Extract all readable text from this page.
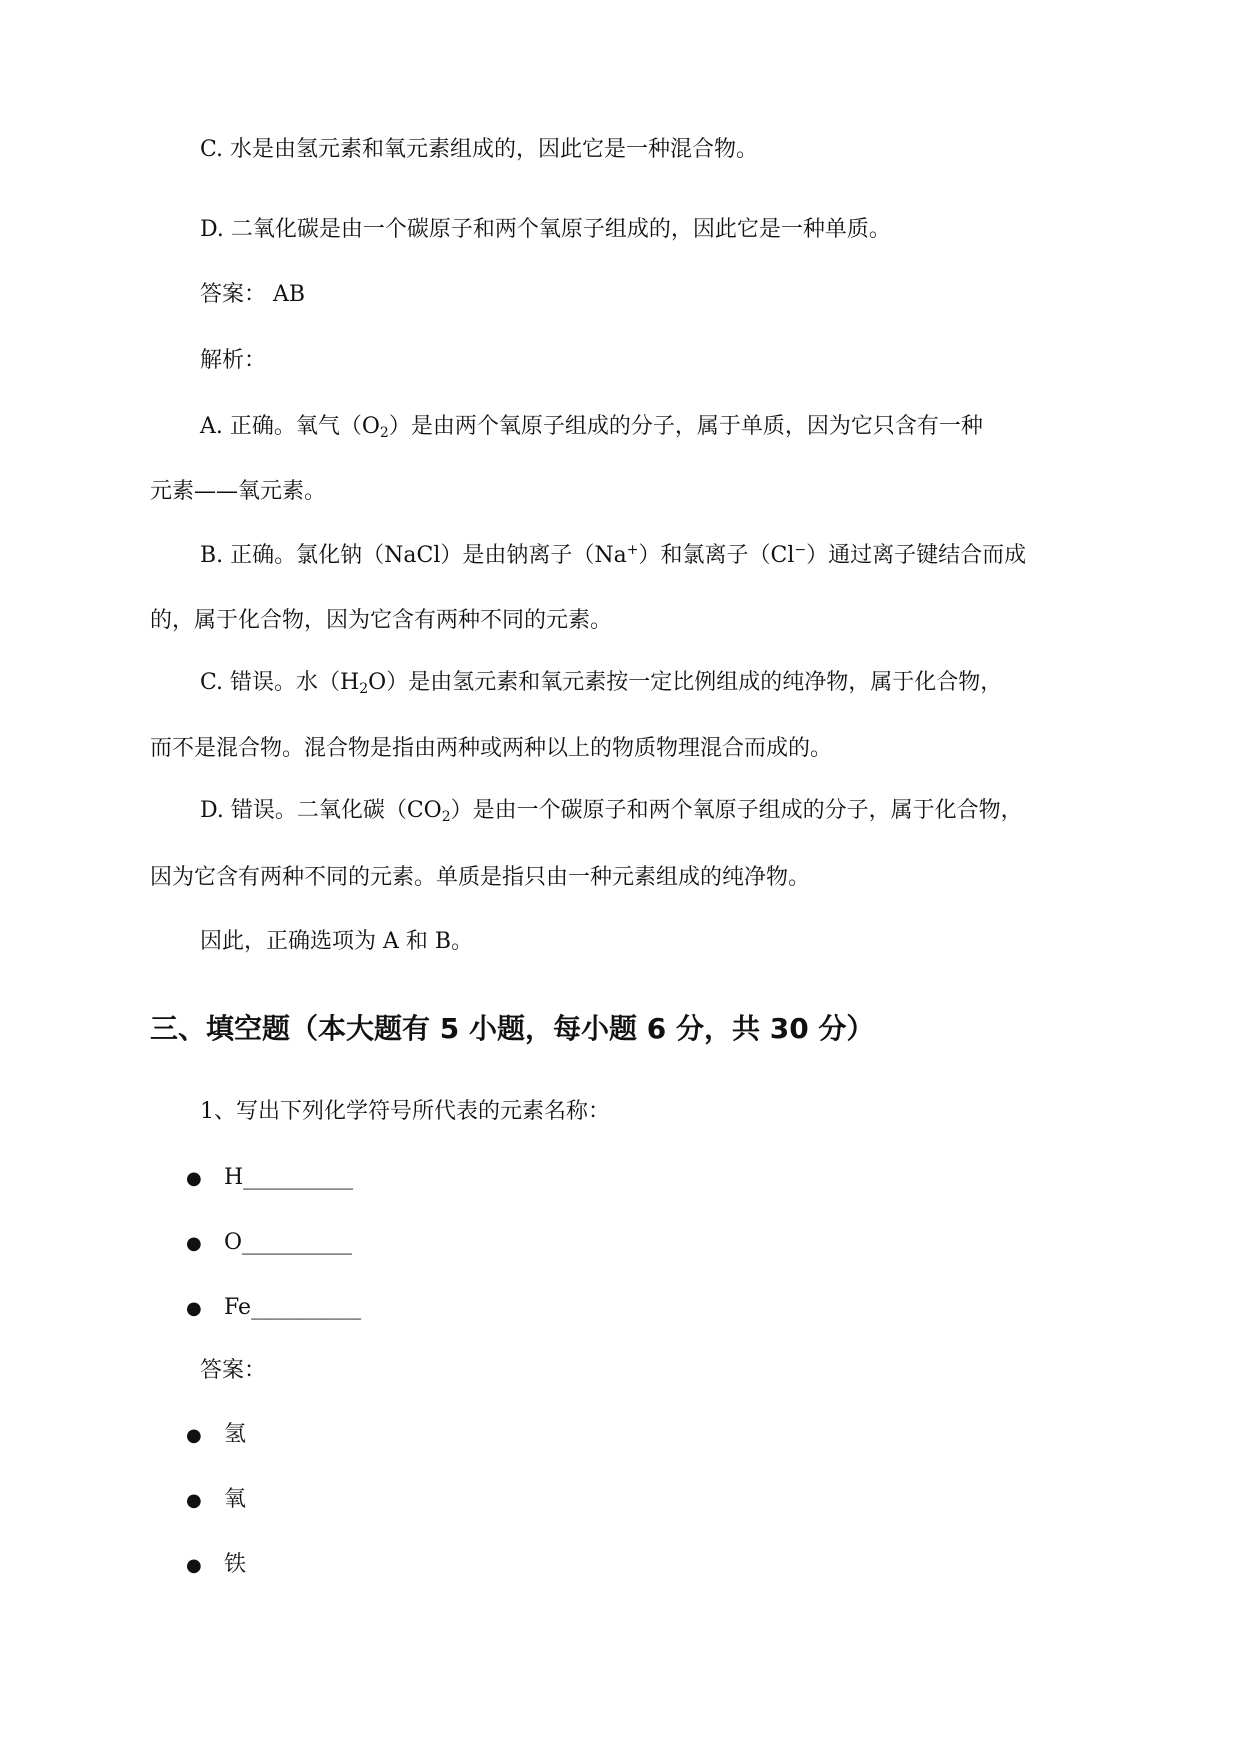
C. 水是由氢元素和氧元素组成的，因此它是一种混合物。
D. 二氧化碳是由一个碳原子和两个氧原子组成的，因此它是一种单质。
答案： AB
解析：
A. 正确。氧气$(O_2)$是由两个氧原子组成的分子，属于单质，因为它只含有一种
元素——氧元素。
B. 正确。氯化钠（NaCl）是由钠离子（Na+）和氯离子（Cl−）通过离子键结合而成
的，属于化合物，因为它含有两种不同的元素。
C. 错误。水$(H_2O)$是由氢元素和氧元素按一定比例组成的纯净物，属于化合物，
而不是混合物。混合物是指由两种或两种以上的物质物理混合而成的。
D. 错误。二氧化碳$(CO_2)$是由一个碳原子和两个氧原子组成的分子，属于化合物，
因为它含有两种不同的元素。单质是指只由一种元素组成的纯净物。
因此，正确选项为 A 和 B。
三、填空题（本大题有 5 小题，每小题 6 分，共 30 分）
1、写出下列化学符号所代表的元素名称：
● H__________
● O__________
● Fe__________
答案：
● 氢
● 氧
● 铁
